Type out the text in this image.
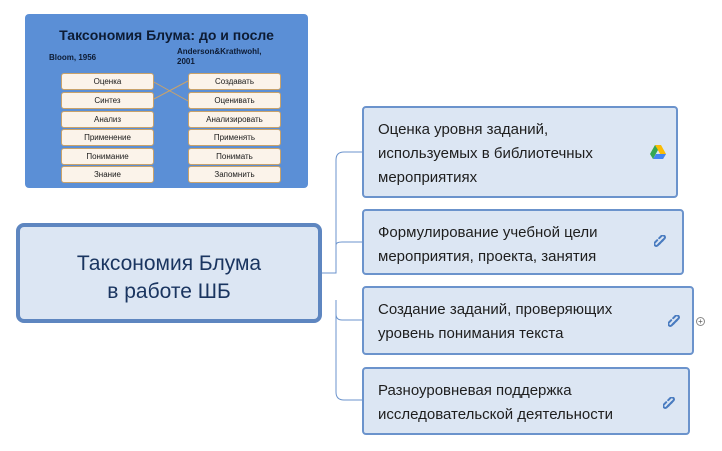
Таксономия Блума: до и после
Bloom, 1956
Anderson&Krathwohl,
2001
Оценка
Синтез
Анализ
Применение
Понимание
Знание
Создавать
Оценивать
Анализировать
Применять
Понимать
Запомнить
Таксономия Блума
в работе ШБ
Оценка уровня заданий,
используемых в библиотечных
мероприятиях
Формулирование учебной цели
мероприятия, проекта, занятия
Создание заданий, проверяющих
уровень понимания текста
+
Разноуровневая поддержка
исследовательской деятельности
